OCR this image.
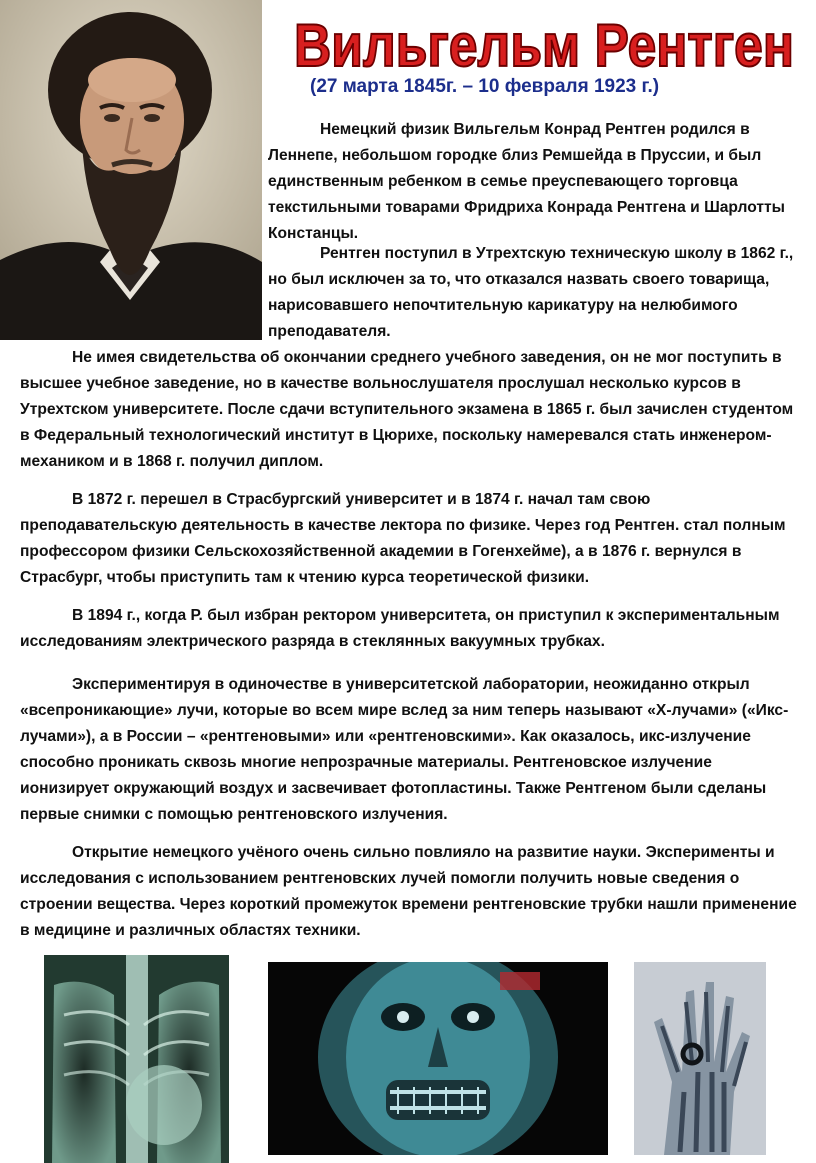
Вильгельм Рентген
(27 марта 1845г. – 10 февраля 1923 г.)

Немецкий физик Вильгельм Конрад Рентген родился в Леннепе, небольшом городке близ Ремшейда в Пруссии, и был единственным ребенком в семье преуспевающего торговца текстильными товарами Фридриха Конрада Рентгена и Шарлотты Констанцы.

Рентген поступил в Утрехтскую техническую школу в 1862 г., но был исключен за то, что отказался назвать своего товарища, нарисовавшего непочтительную карикатуру на нелюбимого преподавателя.

Не имея свидетельства об окончании среднего учебного заведения, он не мог поступить в высшее учебное заведение, но в качестве вольнослушателя прослушал несколько курсов в Утрехтском университете. После сдачи вступительного экзамена в 1865 г. был зачислен студентом в Федеральный технологический институт в Цюрихе, поскольку намеревался стать инженером-механиком и в 1868 г. получил диплом.

В 1872 г. перешел в Страсбургский университет и в 1874 г. начал там свою преподавательскую деятельность в качестве лектора по физике. Через год Рентген. стал полным профессором физики Сельскохозяйственной академии в Гогенхейме), а в 1876 г. вернулся в Страсбург, чтобы приступить там к чтению курса теоретической физики.

В 1894 г., когда Р. был избран ректором университета, он приступил к экспериментальным исследованиям электрического разряда в стеклянных вакуумных трубках.

Экспериментируя в одиночестве в университетской лаборатории, неожиданно открыл «всепроникающие» лучи, которые во всем мире вслед за ним теперь называют «Х-лучами» («Икс-лучами»), а в России – «рентгеновыми» или «рентгеновскими». Как оказалось, икс-излучение способно проникать сквозь многие непрозрачные материалы. Рентгеновское излучение ионизирует окружающий воздух и засвечивает фотопластины. Также Рентгеном были сделаны первые снимки с помощью рентгеновского излучения.

Открытие немецкого учёного очень сильно повлияло на развитие науки. Эксперименты и исследования с использованием рентгеновских лучей помогли получить новые сведения о строении вещества. Через короткий промежуток времени рентгеновские трубки нашли применение в медицине и различных областях техники.
